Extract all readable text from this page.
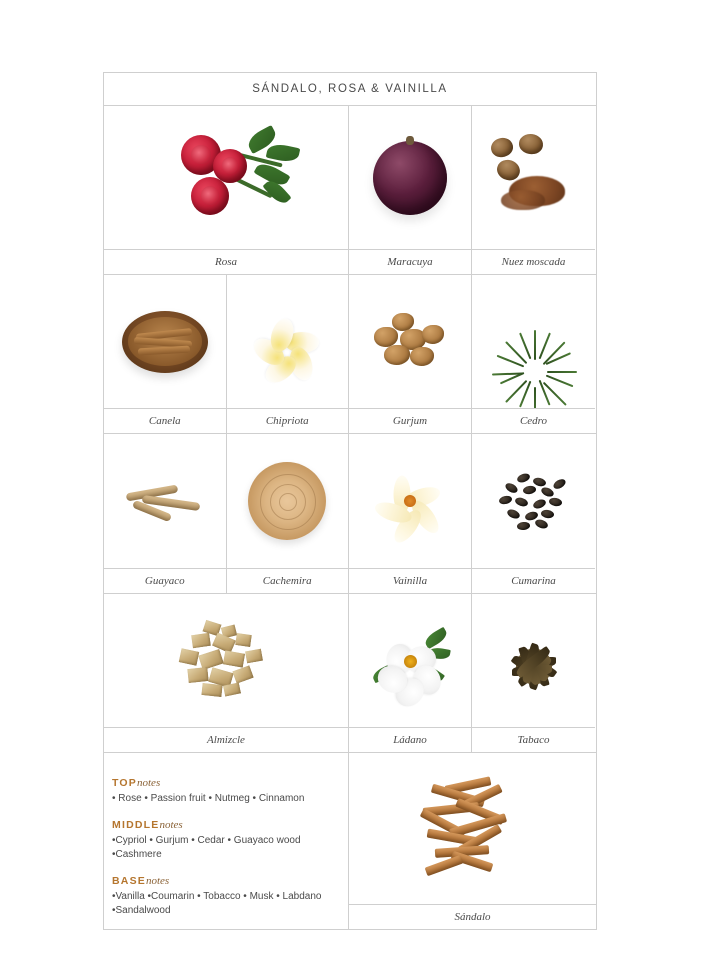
SÁNDALO, ROSA & VAINILLA
Rosa	Maracuya	Nuez moscada
Canela	Chipriota	Gurjum	Cedro
Guayaco	Cachemira	Vainilla	Cumarina
Almizcle	Ládano	Tabaco
TOPnotes
• Rose • Passion fruit • Nutmeg • Cinnamon
MIDDLEnotes
•Cypriol • Gurjum • Cedar • Guayaco wood
•Cashmere
BASEnotes
•Vanilla •Coumarin • Tobacco • Musk • Labdano
•Sandalwood
Sándalo
